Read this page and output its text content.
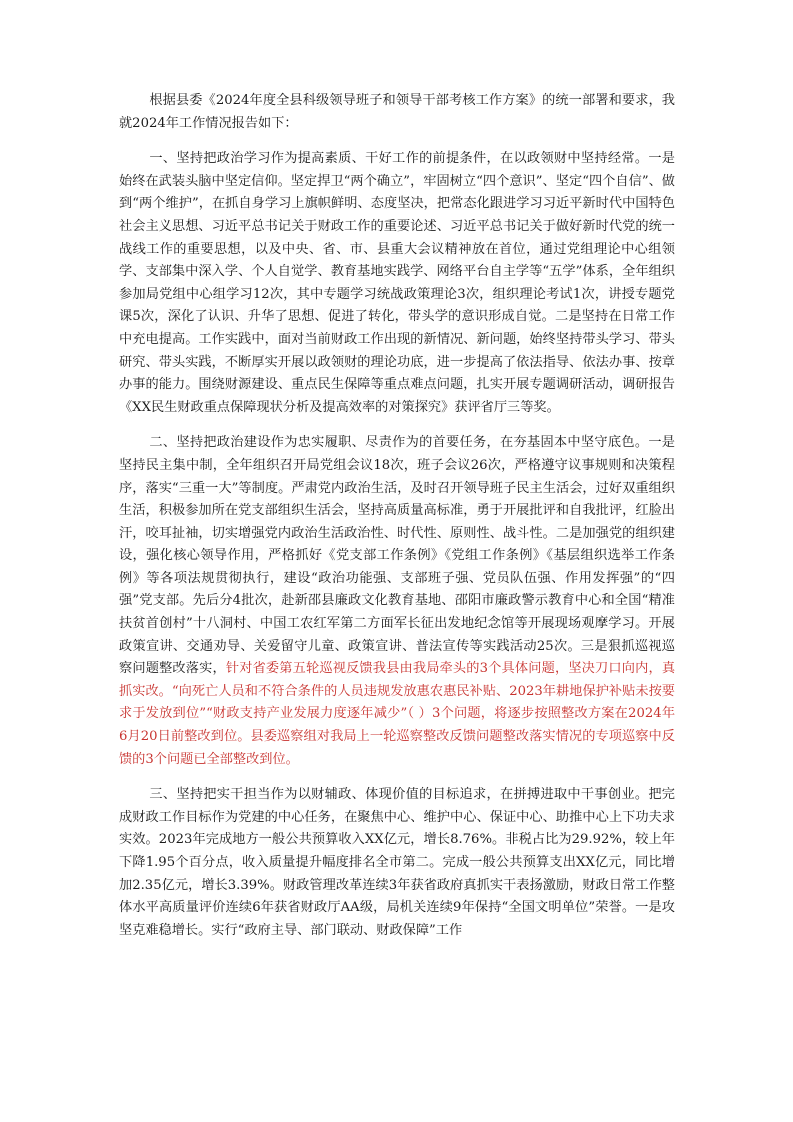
根据县委《2024年度全县科级领导班子和领导干部考核工作方案》的统一部署和要求，我就2024年工作情况报告如下：

一、坚持把政治学习作为提高素质、干好工作的前提条件，在以政领财中坚持经常。一是始终在武装头脑中坚定信仰。坚定捍卫“两个确立”，牢固树立“四个意识”、坚定“四个自信”、做到“两个维护”，在抓自身学习上旗帜鲜明、态度坚决，把常态化跟进学习习近平新时代中国特色社会主义思想、习近平总书记关于财政工作的重要论述、习近平总书记关于做好新时代党的统一战线工作的重要思想，以及中央、省、市、县重大会议精神放在首位，通过党组理论中心组领学、支部集中深入学、个人自觉学、教育基地实践学、网络平台自主学等“五学”体系，全年组织参加局党组中心组学习12次，其中专题学习统战政策理论3次，组织理论考试1次，讲授专题党课5次，深化了认识、升华了思想、促进了转化，带头学的意识形成自觉。二是坚持在日常工作中充电提高。工作实践中，面对当前财政工作出现的新情况、新问题，始终坚持带头学习、带头研究、带头实践，不断厚实开展以政领财的理论功底，进一步提高了依法指导、依法办事、按章办事的能力。围绕财源建设、重点民生保障等重点难点问题，扎实开展专题调研活动，调研报告《XX民生财政重点保障现状分析及提高效率的对策探究》获评省厅三等奖。

二、坚持把政治建设作为忠实履职、尽责作为的首要任务，在夯基固本中坚守底色。一是坚持民主集中制，全年组织召开局党组会议18次，班子会议26次，严格遵守议事规则和决策程序，落实“三重一大”等制度。严肃党内政治生活，及时召开领导班子民主生活会，过好双重组织生活，积极参加所在党支部组织生活会，坚持高质量高标准，勇于开展批评和自我批评，红脸出汗，咬耳扯袖，切实增强党内政治生活政治性、时代性、原则性、战斗性。二是加强党的组织建设，强化核心领导作用，严格抓好《党支部工作条例》《党组工作条例》《基层组织选举工作条例》等各项法规贯彻执行，建设“政治功能强、支部班子强、党员队伍强、作用发挥强”的“四强”党支部。先后分4批次，赴新邵县廉政文化教育基地、邵阳市廉政警示教育中心和全国“精准扶贫首创村”十八洞村、中国工农红军第二方面军长征出发地纪念馆等开展现场观摩学习。开展政策宣讲、交通劝导、关爱留守儿童、政策宣讲、普法宣传等实践活动25次。三是狠抓巡视巡察问题整改落实，针对省委第五轮巡视反馈我县由我局牵头的3个具体问题，坚决刀口向内，真抓实改。“向死亡人员和不符合条件的人员违规发放惠农惠民补贴、2023年耕地保护补贴未按要求于发放到位”“财政支持产业发展力度逐年减少”（ ）3个问题，将逐步按照整改方案在2024年6月20日前整改到位。县委巡察组对我局上一轮巡察整改反馈问题整改落实情况的专项巡察中反馈的3个问题已全部整改到位。

三、坚持把实干担当作为以财辅政、体现价值的目标追求，在拼搏进取中干事创业。把完成财政工作目标作为党建的中心任务，在聚焦中心、维护中心、保证中心、助推中心上下功夫求实效。2023年完成地方一般公共预算收入XX亿元，增长8.76%。非税占比为29.92%，较上年下降1.95个百分点，收入质量提升幅度排名全市第二。完成一般公共预算支出XX亿元，同比增加2.35亿元，增长3.39%。财政管理改革连续3年获省政府真抓实干表扬激励，财政日常工作整体水平高质量评价连续6年获省财政厅AA级，局机关连续9年保持“全国文明单位”荣誉。一是攻坚克难稳增长。实行“政府主导、部门联动、财政保障”工作
